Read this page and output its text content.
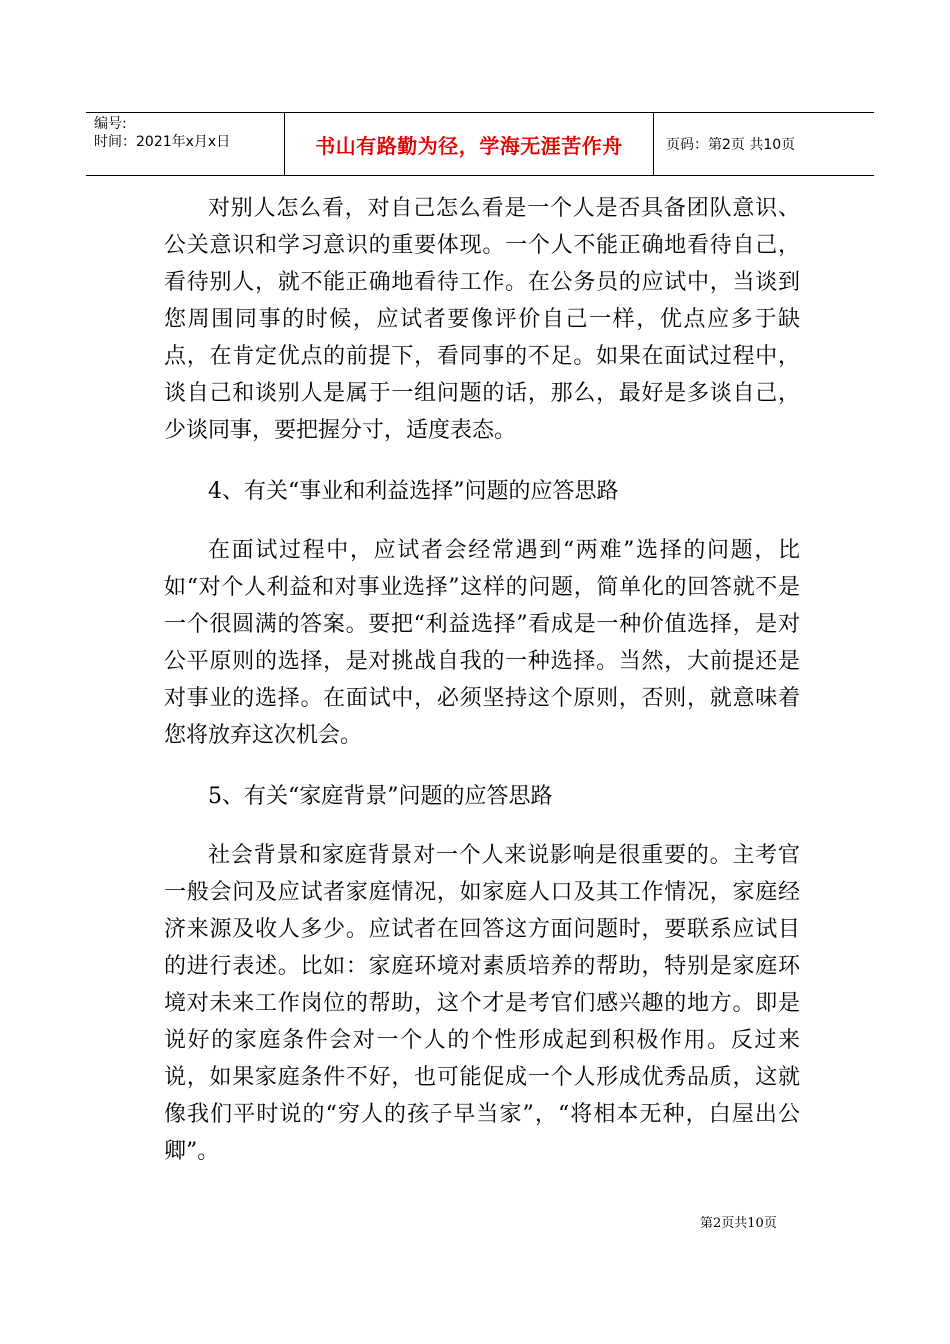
编号:
时间：2021年x月x日	书山有路勤为径，学海无涯苦作舟	页码：第2页 共10页

对别人怎么看，对自己怎么看是一个人是否具备团队意识、公关意识和学习意识的重要体现。一个人不能正确地看待自己，看待别人，就不能正确地看待工作。在公务员的应试中，当谈到您周围同事的时候，应试者要像评价自己一样，优点应多于缺点，在肯定优点的前提下，看同事的不足。如果在面试过程中，谈自己和谈别人是属于一组问题的话，那么，最好是多谈自己，少谈同事，要把握分寸，适度表态。

4、有关“事业和利益选择”问题的应答思路

在面试过程中，应试者会经常遇到“两难”选择的问题，比如“对个人利益和对事业选择”这样的问题，简单化的回答就不是一个很圆满的答案。要把“利益选择”看成是一种价值选择，是对公平原则的选择，是对挑战自我的一种选择。当然，大前提还是对事业的选择。在面试中，必须坚持这个原则，否则，就意味着您将放弃这次机会。

5、有关“家庭背景”问题的应答思路

社会背景和家庭背景对一个人来说影响是很重要的。主考官一般会问及应试者家庭情况，如家庭人口及其工作情况，家庭经济来源及收人多少。应试者在回答这方面问题时，要联系应试目的进行表述。比如：家庭环境对素质培养的帮助，特别是家庭环境对未来工作岗位的帮助，这个才是考官们感兴趣的地方。即是说好的家庭条件会对一个人的个性形成起到积极作用。反过来说，如果家庭条件不好，也可能促成一个人形成优秀品质，这就像我们平时说的“穷人的孩子早当家”，“将相本无种，白屋出公卿”。

第2页共10页
